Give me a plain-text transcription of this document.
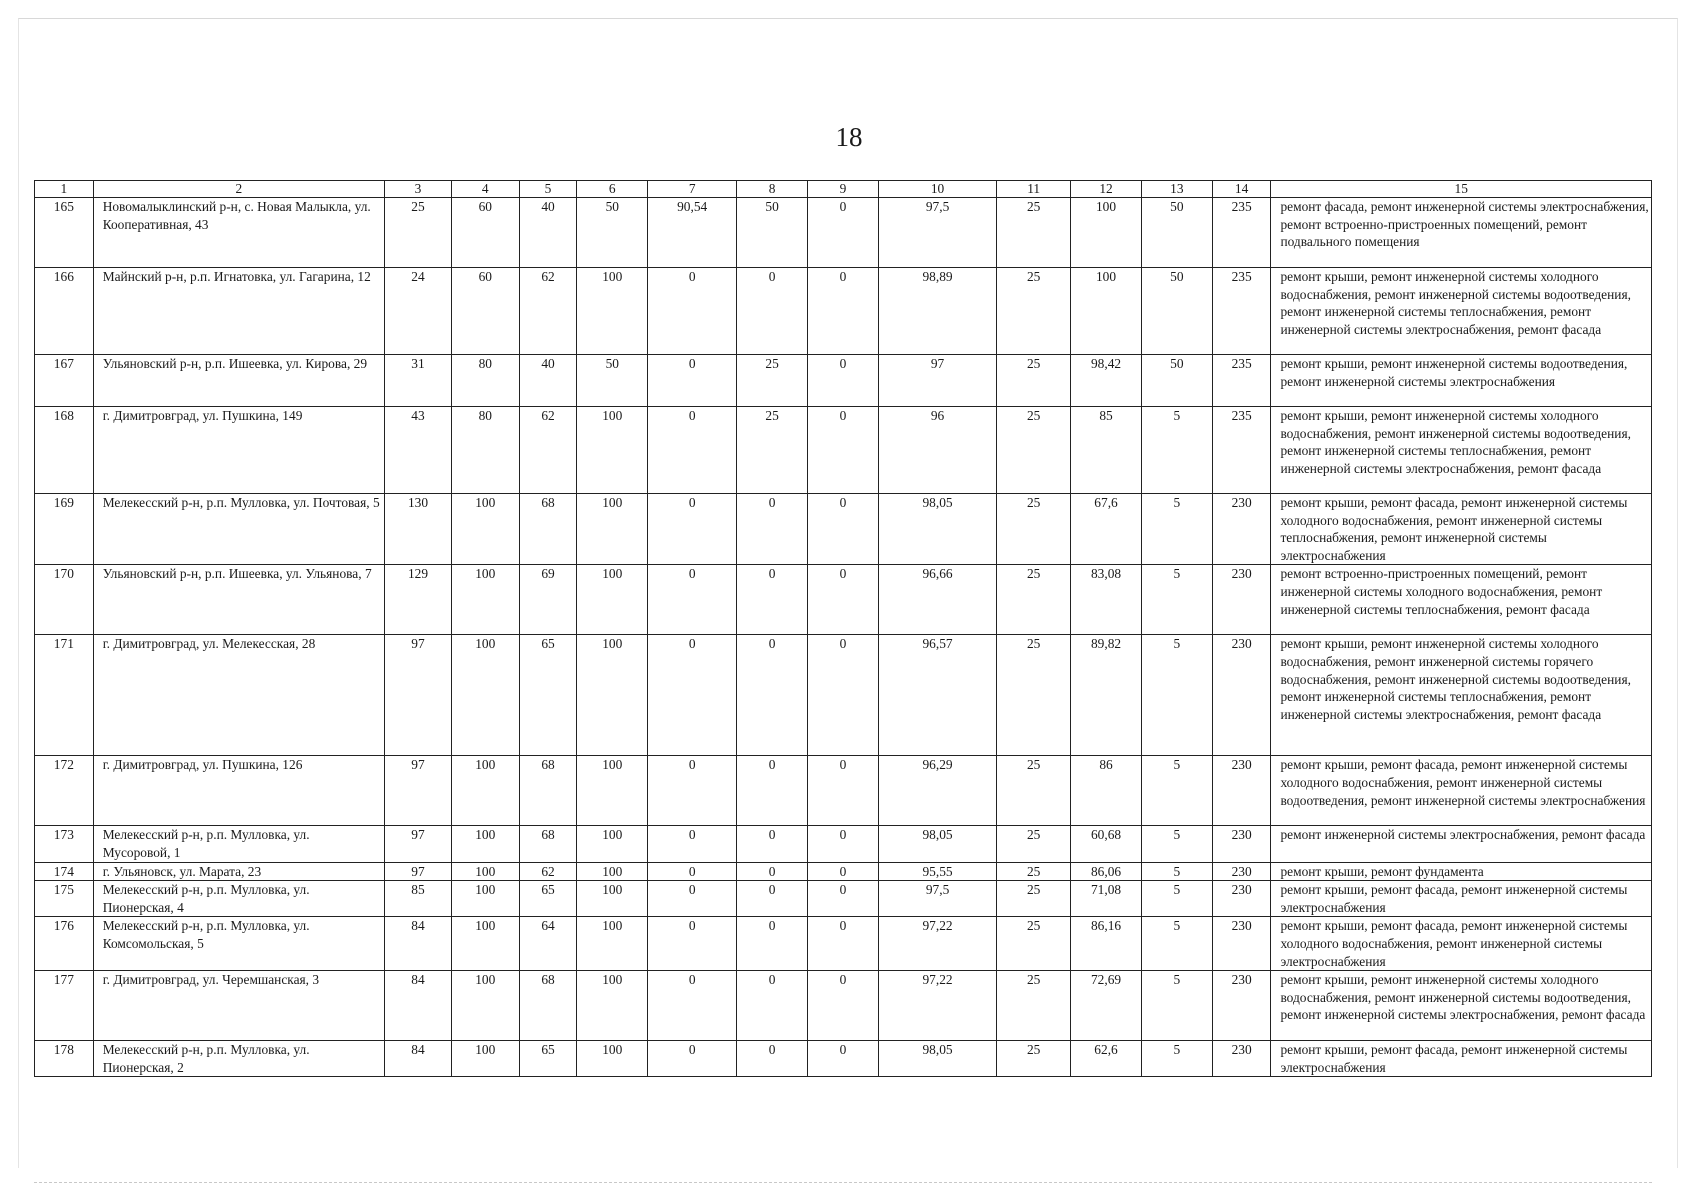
18
1	2	3	4	5	6	7	8	9	10	11	12	13	14	15
165	Новомалыклинский р-н, с. Новая Малыкла, ул. Кооперативная, 43	25	60	40	50	90,54	50	0	97,5	25	100	50	235	ремонт фасада, ремонт инженерной системы электроснабжения, ремонт встроенно-пристроенных помещений, ремонт подвального помещения
166	Майнский р-н, р.п. Игнатовка, ул. Гагарина, 12	24	60	62	100	0	0	0	98,89	25	100	50	235	ремонт крыши, ремонт инженерной системы холодного водоснабжения, ремонт инженерной системы водоотведения, ремонт инженерной системы теплоснабжения, ремонт инженерной системы электроснабжения, ремонт фасада
167	Ульяновский р-н, р.п. Ишеевка, ул. Кирова, 29	31	80	40	50	0	25	0	97	25	98,42	50	235	ремонт крыши, ремонт инженерной системы водоотведения, ремонт инженерной системы электроснабжения
168	г. Димитровград, ул. Пушкина, 149	43	80	62	100	0	25	0	96	25	85	5	235	ремонт крыши, ремонт инженерной системы холодного водоснабжения, ремонт инженерной системы водоотведения, ремонт инженерной системы теплоснабжения, ремонт инженерной системы электроснабжения, ремонт фасада
169	Мелекесский р-н, р.п. Мулловка, ул. Почтовая, 5	130	100	68	100	0	0	0	98,05	25	67,6	5	230	ремонт крыши, ремонт фасада, ремонт инженерной системы холодного водоснабжения, ремонт инженерной системы теплоснабжения, ремонт инженерной системы электроснабжения
170	Ульяновский р-н, р.п. Ишеевка, ул. Ульянова, 7	129	100	69	100	0	0	0	96,66	25	83,08	5	230	ремонт встроенно-пристроенных помещений, ремонт инженерной системы холодного водоснабжения, ремонт инженерной системы теплоснабжения, ремонт фасада
171	г. Димитровград, ул. Мелекесская, 28	97	100	65	100	0	0	0	96,57	25	89,82	5	230	ремонт крыши, ремонт инженерной системы холодного водоснабжения, ремонт инженерной системы горячего водоснабжения, ремонт инженерной системы водоотведения, ремонт инженерной системы теплоснабжения, ремонт инженерной системы электроснабжения, ремонт фасада
172	г. Димитровград, ул. Пушкина, 126	97	100	68	100	0	0	0	96,29	25	86	5	230	ремонт крыши, ремонт фасада, ремонт инженерной системы холодного водоснабжения, ремонт инженерной системы водоотведения, ремонт инженерной системы электроснабжения
173	Мелекесский р-н, р.п. Мулловка, ул. Мусоровой, 1	97	100	68	100	0	0	0	98,05	25	60,68	5	230	ремонт инженерной системы электроснабжения, ремонт фасада
174	г. Ульяновск, ул. Марата, 23	97	100	62	100	0	0	0	95,55	25	86,06	5	230	ремонт крыши, ремонт фундамента
175	Мелекесский р-н, р.п. Мулловка, ул. Пионерская, 4	85	100	65	100	0	0	0	97,5	25	71,08	5	230	ремонт крыши, ремонт фасада, ремонт инженерной системы электроснабжения
176	Мелекесский р-н, р.п. Мулловка, ул. Комсомольская, 5	84	100	64	100	0	0	0	97,22	25	86,16	5	230	ремонт крыши, ремонт фасада, ремонт инженерной системы холодного водоснабжения, ремонт инженерной системы электроснабжения
177	г. Димитровград, ул. Черемшанская, 3	84	100	68	100	0	0	0	97,22	25	72,69	5	230	ремонт крыши, ремонт инженерной системы холодного водоснабжения, ремонт инженерной системы водоотведения, ремонт инженерной системы электроснабжения, ремонт фасада
178	Мелекесский р-н, р.п. Мулловка, ул. Пионерская, 2	84	100	65	100	0	0	0	98,05	25	62,6	5	230	ремонт крыши, ремонт фасада, ремонт инженерной системы электроснабжения
